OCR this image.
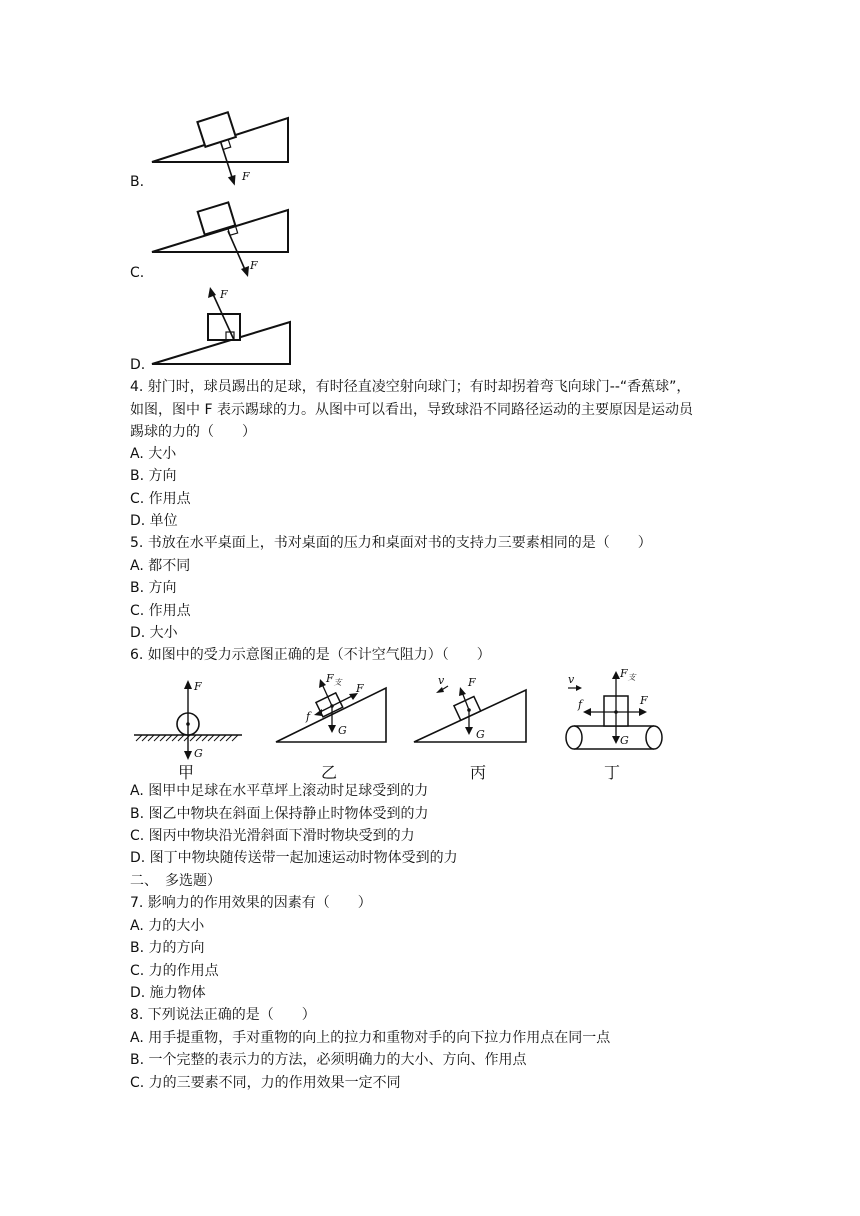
F
B.
F
C.
F
D.
4. 射门时，球员踢出的足球，有时径直凌空射向球门；有时却拐着弯飞向球门--“香蕉球”，
如图，图中 F 表示踢球的力。从图中可以看出，导致球沿不同路径运动的主要原因是运动员
踢球的力的（　　）
A. 大小
B. 方向
C. 作用点
D. 单位
5. 书放在水平桌面上，书对桌面的压力和桌面对书的支持力三要素相同的是（　　）
A. 都不同
B. 方向
C. 作用点
D. 大小
6. 如图中的受力示意图正确的是（不计空气阻力）（　　）
F
G
$F_支$ F
f
G
F
v
G
v	$F_支$
F
f
G
甲	乙	丙	丁
A. 图甲中足球在水平草坪上滚动时足球受到的力
B. 图乙中物块在斜面上保持静止时物体受到的力
C. 图丙中物块沿光滑斜面下滑时物块受到的力
D. 图丁中物块随传送带一起加速运动时物体受到的力
二、　多选题）
7. 影响力的作用效果的因素有（　　）
A. 力的大小
B. 力的方向
C. 力的作用点
D. 施力物体
8. 下列说法正确的是（　　）
A. 用手提重物，手对重物的向上的拉力和重物对手的向下拉力作用点在同一点
B. 一个完整的表示力的方法，必须明确力的大小、方向、作用点
C. 力的三要素不同，力的作用效果一定不同
